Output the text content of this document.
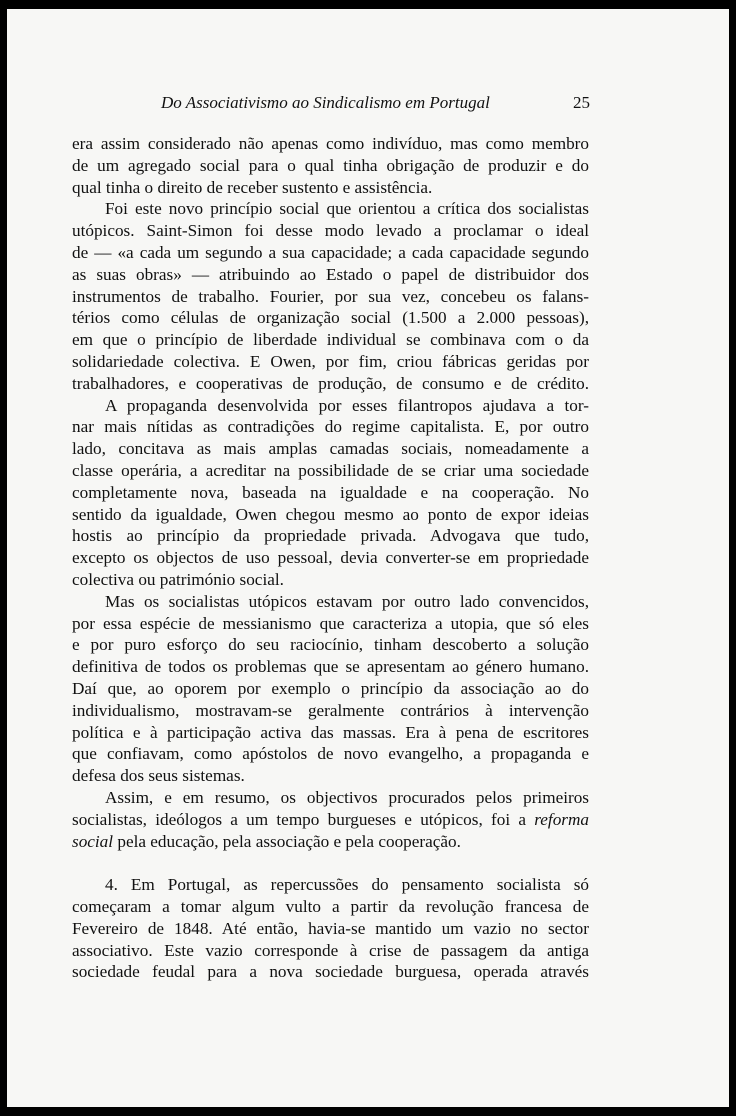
Do Associativismo ao Sindicalismo em Portugal	25
era assim considerado não apenas como indivíduo, mas como membro
de um agregado social para o qual tinha obrigação de produzir e do
qual tinha o direito de receber sustento e assistência.
Foi este novo princípio social que orientou a crítica dos socialistas
utópicos. Saint-Simon foi desse modo levado a proclamar o ideal
de — «a cada um segundo a sua capacidade; a cada capacidade segundo
as suas obras» — atribuindo ao Estado o papel de distribuidor dos
instrumentos de trabalho. Fourier, por sua vez, concebeu os falans-
térios como células de organização social (1.500 a 2.000 pessoas),
em que o princípio de liberdade individual se combinava com o da
solidariedade colectiva. E Owen, por fim, criou fábricas geridas por
trabalhadores, e cooperativas de produção, de consumo e de crédito.
A propaganda desenvolvida por esses filantropos ajudava a tor-
nar mais nítidas as contradições do regime capitalista. E, por outro
lado, concitava as mais amplas camadas sociais, nomeadamente a
classe operária, a acreditar na possibilidade de se criar uma sociedade
completamente nova, baseada na igualdade e na cooperação. No
sentido da igualdade, Owen chegou mesmo ao ponto de expor ideias
hostis ao princípio da propriedade privada. Advogava que tudo,
excepto os objectos de uso pessoal, devia converter-se em propriedade
colectiva ou património social.
Mas os socialistas utópicos estavam por outro lado convencidos,
por essa espécie de messianismo que caracteriza a utopia, que só eles
e por puro esforço do seu raciocínio, tinham descoberto a solução
definitiva de todos os problemas que se apresentam ao género humano.
Daí que, ao oporem por exemplo o princípio da associação ao do
individualismo, mostravam-se geralmente contrários à intervenção
política e à participação activa das massas. Era à pena de escritores
que confiavam, como apóstolos de novo evangelho, a propaganda e
defesa dos seus sistemas.
Assim, e em resumo, os objectivos procurados pelos primeiros
socialistas, ideólogos a um tempo burgueses e utópicos, foi a reforma
social pela educação, pela associação e pela cooperação.
4. Em Portugal, as repercussões do pensamento socialista só
começaram a tomar algum vulto a partir da revolução francesa de
Fevereiro de 1848. Até então, havia-se mantido um vazio no sector
associativo. Este vazio corresponde à crise de passagem da antiga
sociedade feudal para a nova sociedade burguesa, operada através
